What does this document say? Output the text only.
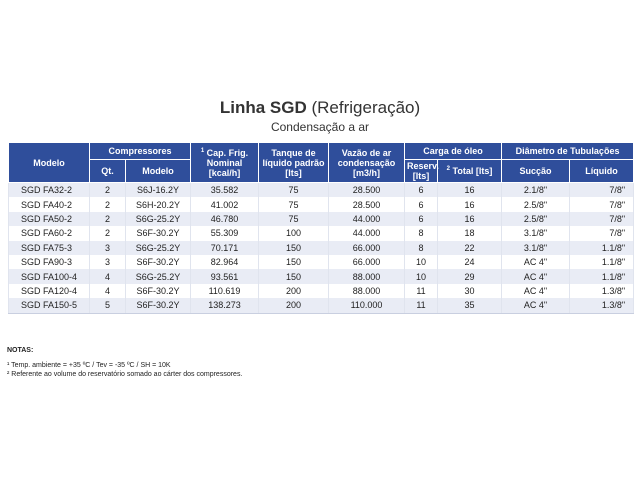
Linha SGD (Refrigeração)
Condensação a ar
Modelo	Compressores		$^1$ Cap. Frig. Nominal [kcal/h]	Tanque de líquido padrão [lts]	Vazão de ar condensação [m3/h]	Carga de óleo		Diâmetro de Tubulações	
	Qt.	Modelo				Reserv. [lts]	$^2$ Total [lts]	Sucção	Líquido
SGD FA32-2	2	S6J-16.2Y	35.582	75	28.500	6	16	2.1/8"	7/8"
SGD FA40-2	2	S6H-20.2Y	41.002	75	28.500	6	16	2.5/8"	7/8"
SGD FA50-2	2	S6G-25.2Y	46.780	75	44.000	6	16	2.5/8"	7/8"
SGD FA60-2	2	S6F-30.2Y	55.309	100	44.000	8	18	3.1/8"	7/8"
SGD FA75-3	3	S6G-25.2Y	70.171	150	66.000	8	22	3.1/8"	1.1/8"
SGD FA90-3	3	S6F-30.2Y	82.964	150	66.000	10	24	AC 4"	1.1/8"
SGD FA100-4	4	S6G-25.2Y	93.561	150	88.000	10	29	AC 4"	1.1/8"
SGD FA120-4	4	S6F-30.2Y	110.619	200	88.000	11	30	AC 4"	1.3/8"
SGD FA150-5	5	S6F-30.2Y	138.273	200	110.000	11	35	AC 4"	1.3/8"
NOTAS:
¹ Temp. ambiente = +35 ºC / Tev = -35 ºC / SH = 10K
² Referente ao volume do reservatório somado ao cárter dos compressores.
